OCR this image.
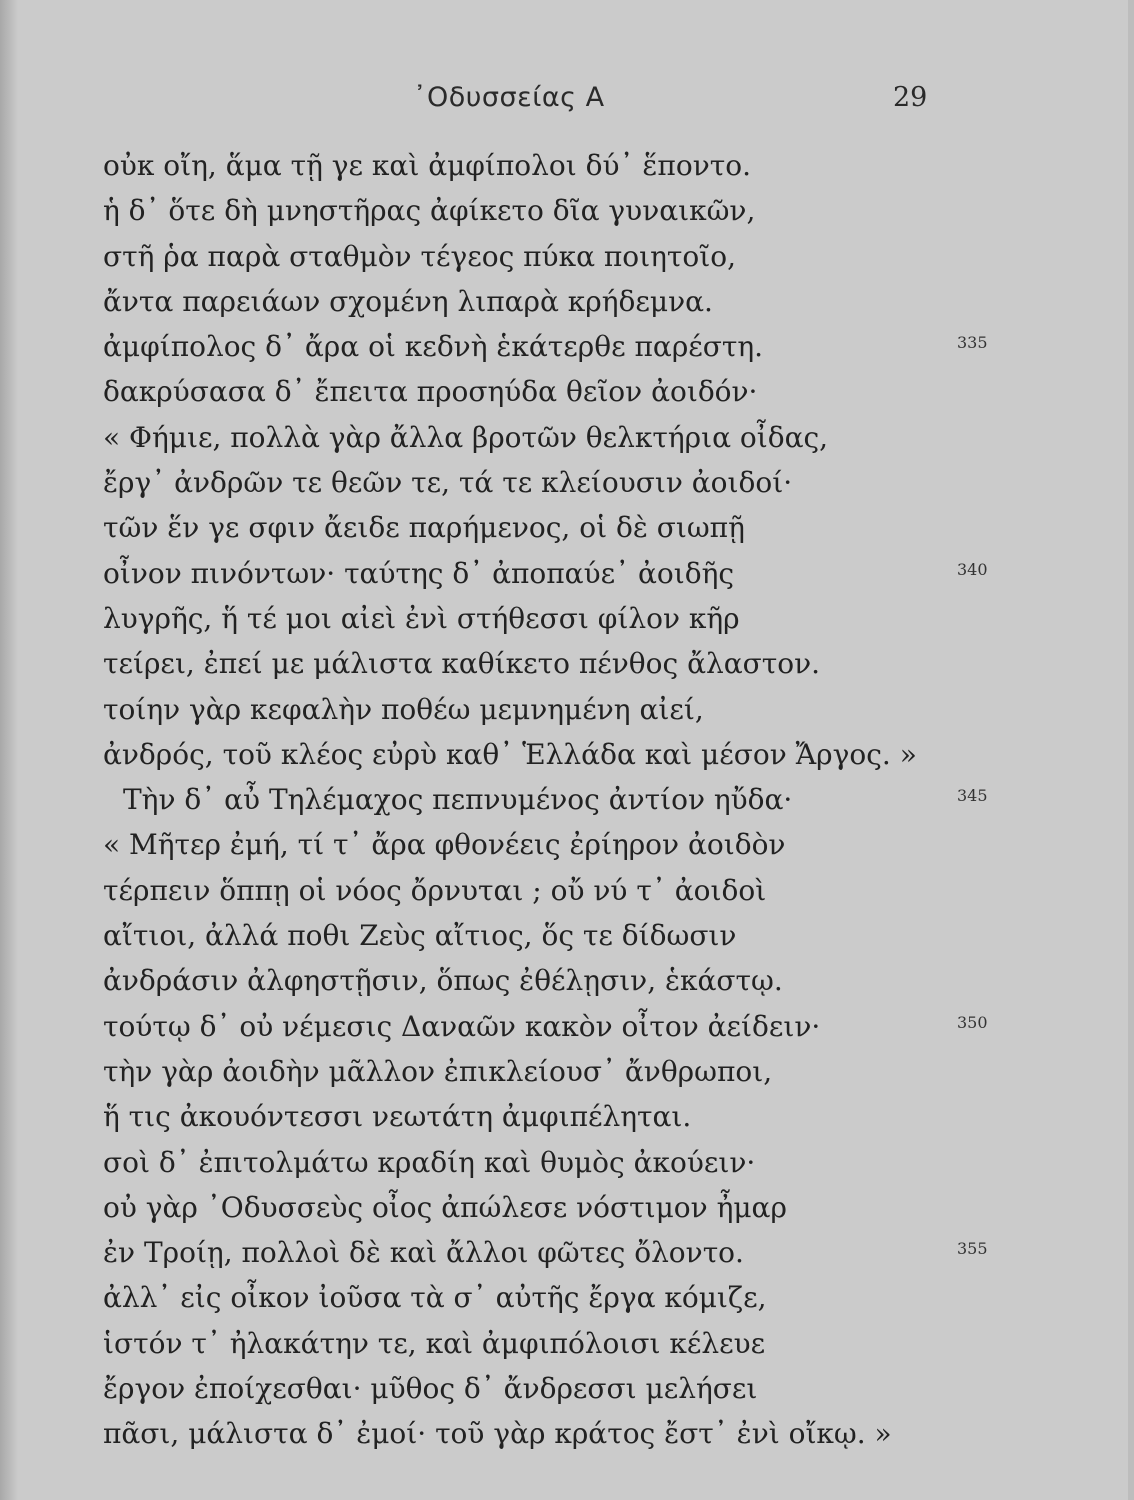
᾿Οδυσσείας Α	29
οὐκ οἴη, ἅμα τῇ γε καὶ ἀμφίπολοι δύ᾽ ἕποντο.
ἡ δ᾽ ὅτε δὴ μνηστῆρας ἀφίκετο δῖα γυναικῶν,
στῆ ῥα παρὰ σταθμὸν τέγεος πύκα ποιητοῖο,
ἄντα παρειάων σχομένη λιπαρὰ κρήδεμνα.
ἀμφίπολος δ᾽ ἄρα οἱ κεδνὴ ἑκάτερθε παρέστη.	335
δακρύσασα δ᾽ ἔπειτα προσηύδα θεῖον ἀοιδόν·
« Φήμιε, πολλὰ γὰρ ἄλλα βροτῶν θελκτήρια οἶδας,
ἔργ᾽ ἀνδρῶν τε θεῶν τε, τά τε κλείουσιν ἀοιδοί·
τῶν ἕν γε σφιν ἄειδε παρήμενος, οἱ δὲ σιωπῇ
οἶνον πινόντων· ταύτης δ᾽ ἀποπαύε᾽ ἀοιδῆς	340
λυγρῆς, ἥ τέ μοι αἰεὶ ἐνὶ στήθεσσι φίλον κῆρ
τείρει, ἐπεί με μάλιστα καθίκετο πένθος ἄλαστον.
τοίην γὰρ κεφαλὴν ποθέω μεμνημένη αἰεί,
ἀνδρός, τοῦ κλέος εὐρὺ καθ᾽ Ἑλλάδα καὶ μέσον Ἄργος. »
Τὴν δ᾽ αὖ Τηλέμαχος πεπνυμένος ἀντίον ηὔδα·	345
« Μῆτερ ἐμή, τί τ᾽ ἄρα φθονέεις ἐρίηρον ἀοιδὸν
τέρπειν ὅππῃ οἱ νόος ὄρνυται ; οὔ νύ τ᾽ ἀοιδοὶ
αἴτιοι, ἀλλά ποθι Ζεὺς αἴτιος, ὅς τε δίδωσιν
ἀνδράσιν ἀλφηστῇσιν, ὅπως ἐθέλῃσιν, ἑκάστῳ.
τούτῳ δ᾽ οὐ νέμεσις Δαναῶν κακὸν οἶτον ἀείδειν·	350
τὴν γὰρ ἀοιδὴν μᾶλλον ἐπικλείουσ᾽ ἄνθρωποι,
ἥ τις ἀκουόντεσσι νεωτάτη ἀμφιπέληται.
σοὶ δ᾽ ἐπιτολμάτω κραδίη καὶ θυμὸς ἀκούειν·
οὐ γὰρ ᾽Οδυσσεὺς οἶος ἀπώλεσε νόστιμον ἦμαρ
ἐν Τροίῃ, πολλοὶ δὲ καὶ ἄλλοι φῶτες ὄλοντο.	355
ἀλλ᾽ εἰς οἶκον ἰοῦσα τὰ σ᾽ αὐτῆς ἔργα κόμιζε,
ἱστόν τ᾽ ἠλακάτην τε, καὶ ἀμφιπόλοισι κέλευε
ἔργον ἐποίχεσθαι· μῦθος δ᾽ ἄνδρεσσι μελήσει
πᾶσι, μάλιστα δ᾽ ἐμοί· τοῦ γὰρ κράτος ἔστ᾽ ἐνὶ οἴκῳ. »
